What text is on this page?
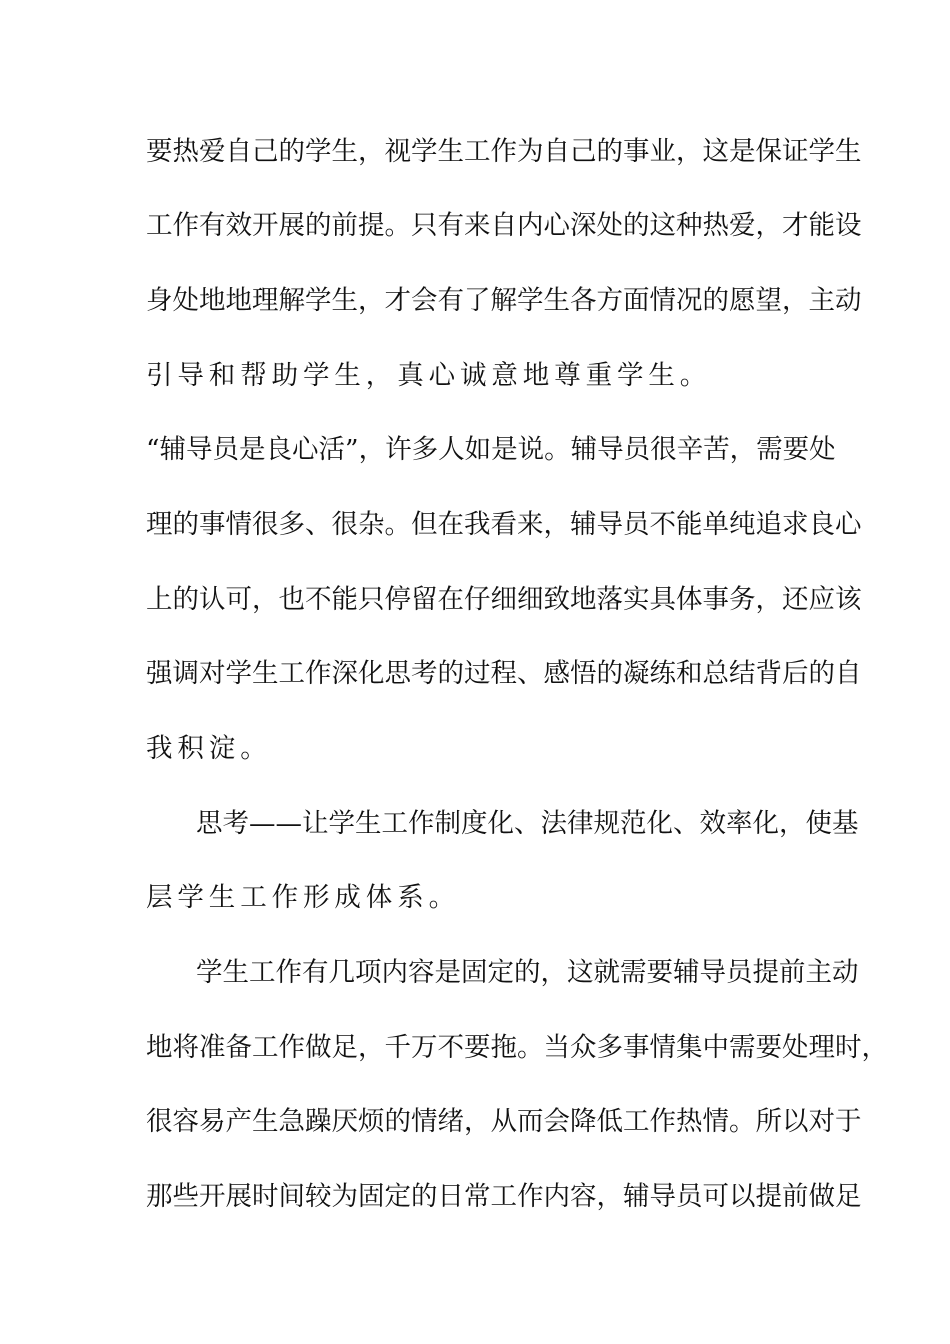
要热爱自己的学生，视学生工作为自己的事业，这是保证学生
工作有效开展的前提。只有来自内心深处的这种热爱，才能设
身处地地理解学生，才会有了解学生各方面情况的愿望，主动
引导和帮助学生，真心诚意地尊重学生。
“辅导员是良心活”，许多人如是说。辅导员很辛苦，需要处
理的事情很多、很杂。但在我看来，辅导员不能单纯追求良心
上的认可，也不能只停留在仔细细致地落实具体事务，还应该
强调对学生工作深化思考的过程、感悟的凝练和总结背后的自
我积淀。
思考——让学生工作制度化、法律规范化、效率化，使基
层学生工作形成体系。
学生工作有几项内容是固定的，这就需要辅导员提前主动
地将准备工作做足，千万不要拖。当众多事情集中需要处理时，
很容易产生急躁厌烦的情绪，从而会降低工作热情。所以对于
那些开展时间较为固定的日常工作内容，辅导员可以提前做足
